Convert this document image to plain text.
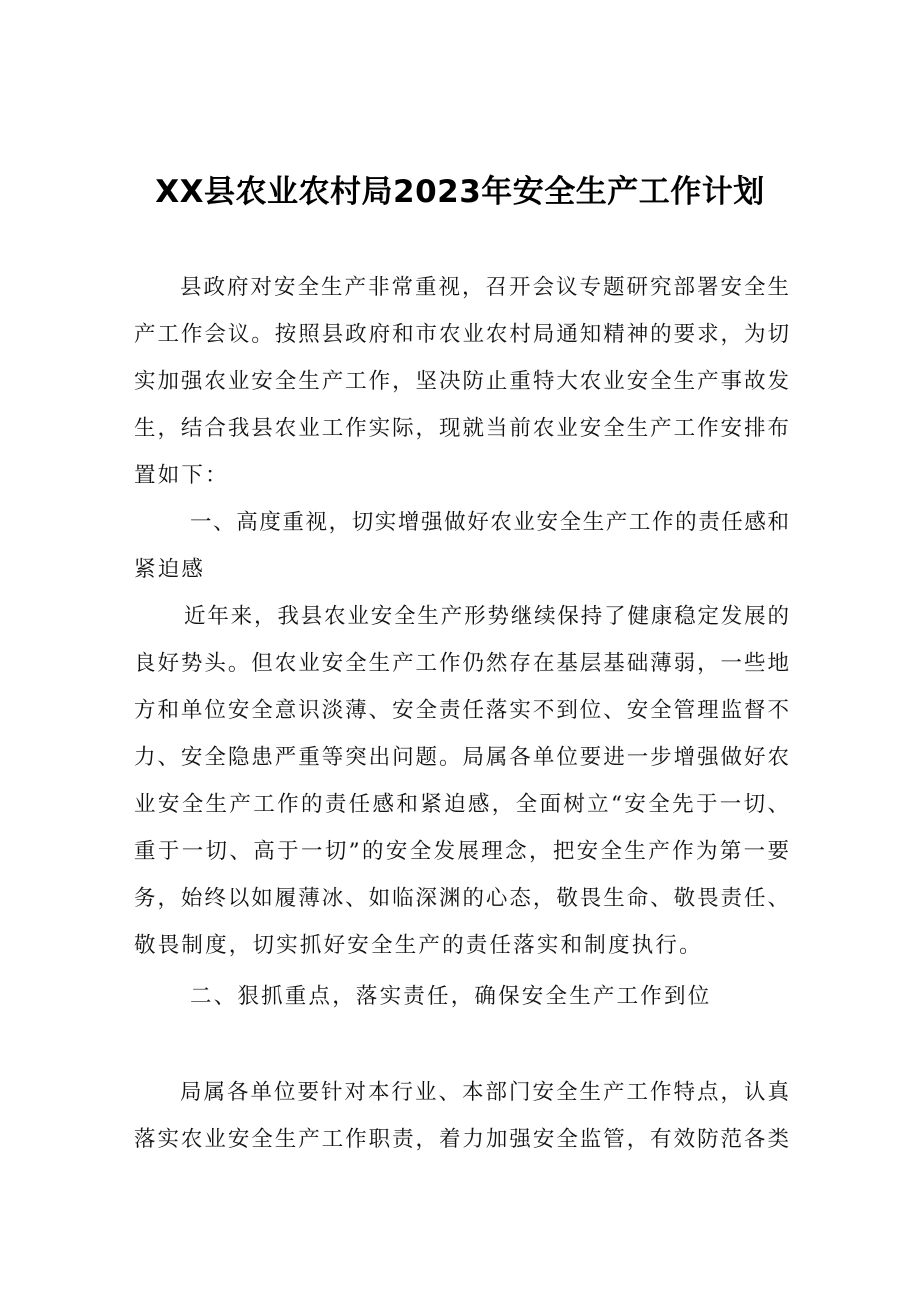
XX县农业农村局2023年安全生产工作计划

县政府对安全生产非常重视，召开会议专题研究部署安全生

产工作会议。按照县政府和市农业农村局通知精神的要求，为切

实加强农业安全生产工作，坚决防止重特大农业安全生产事故发

生，结合我县农业工作实际，现就当前农业安全生产工作安排布

置如下：

一、高度重视，切实增强做好农业安全生产工作的责任感和

紧迫感

近年来，我县农业安全生产形势继续保持了健康稳定发展的

良好势头。但农业安全生产工作仍然存在基层基础薄弱，一些地

方和单位安全意识淡薄、安全责任落实不到位、安全管理监督不

力、安全隐患严重等突出问题。局属各单位要进一步增强做好农

业安全生产工作的责任感和紧迫感，全面树立“安全先于一切、

重于一切、高于一切”的安全发展理念，把安全生产作为第一要

务，始终以如履薄冰、如临深渊的心态，敬畏生命、敬畏责任、

敬畏制度，切实抓好安全生产的责任落实和制度执行。

二、狠抓重点，落实责任，确保安全生产工作到位

局属各单位要针对本行业、本部门安全生产工作特点，认真

落实农业安全生产工作职责，着力加强安全监管，有效防范各类
